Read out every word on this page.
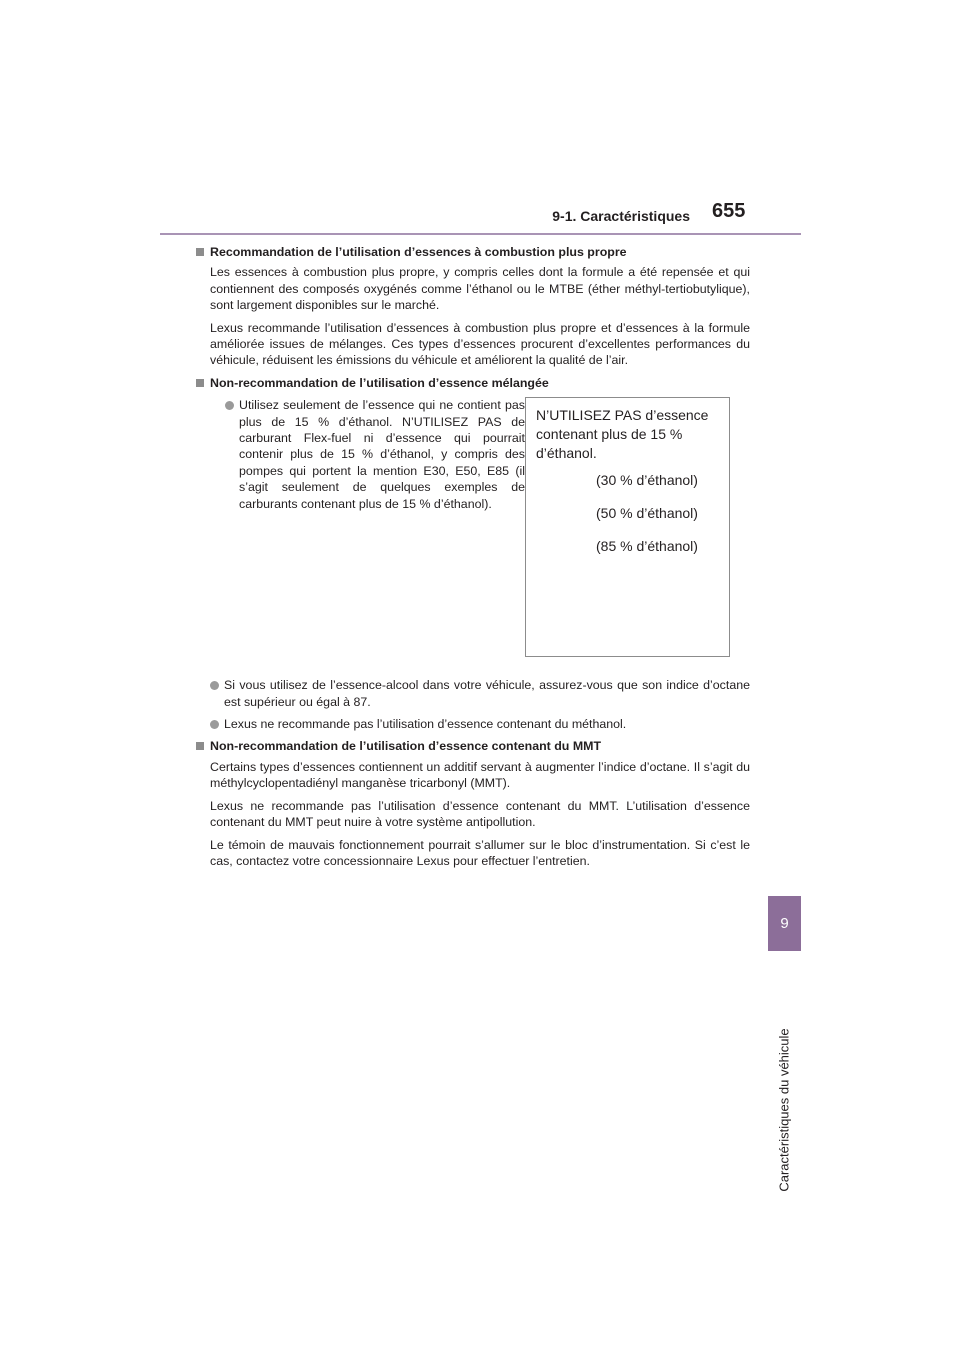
9-1. Caractéristiques 655
9
Caractéristiques du véhicule
Recommandation de l’utilisation d’essences à combustion plus propre

Les essences à combustion plus propre, y compris celles dont la formule a été repensée et qui contiennent des composés oxygénés comme l’éthanol ou le MTBE (éther méthyl-tertiobutylique), sont largement disponibles sur le marché.

Lexus recommande l’utilisation d’essences à combustion plus propre et d’essences à la formule améliorée issues de mélanges. Ces types d’essences procurent d’excellentes performances du véhicule, réduisent les émissions du véhicule et améliorent la qualité de l’air.

Non-recommandation de l’utilisation d’essence mélangée
Utilisez seulement de l’essence qui ne contient pas plus de 15 % d’éthanol. N’UTILISEZ PAS de carburant Flex-fuel ni d’essence qui pourrait contenir plus de 15 % d’éthanol, y compris des pompes qui portent la mention E30, E50, E85 (il s’agit seulement de quelques exemples de carburants contenant plus de 15 % d’éthanol).

N’UTILISEZ PAS d’essence contenant plus de 15 % d’éthanol.

(30 % d’éthanol)

(50 % d’éthanol)

(85 % d’éthanol)

Si vous utilisez de l’essence-alcool dans votre véhicule, assurez-vous que son indice d’octane est supérieur ou égal à 87.
Lexus ne recommande pas l’utilisation d’essence contenant du méthanol.
Non-recommandation de l’utilisation d’essence contenant du MMT

Certains types d’essences contiennent un additif servant à augmenter l’indice d’octane. Il s’agit du méthylcyclopentadiényl manganèse tricarbonyl (MMT).

Lexus ne recommande pas l’utilisation d’essence contenant du MMT. L’utilisation d’essence contenant du MMT peut nuire à votre système antipollution.

Le témoin de mauvais fonctionnement pourrait s’allumer sur le bloc d’instrumentation. Si c’est le cas, contactez votre concessionnaire Lexus pour effectuer l’entretien.
